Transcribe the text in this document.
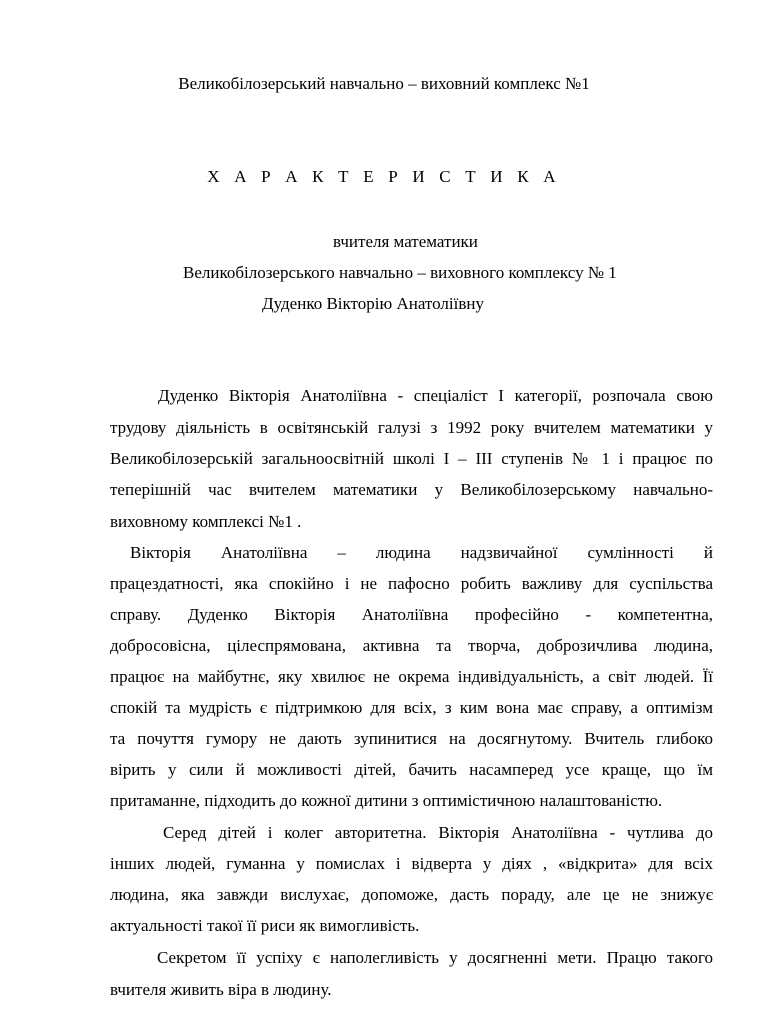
Великобілозерський навчально – виховний комплекс №1
Х А Р А К Т Е Р И С Т И К А
вчителя математики
Великобілозерського навчально – виховного комплексу № 1
Дуденко Вікторію Анатоліївну
Дуденко Вікторія Анатоліївна - спеціаліст І категорії, розпочала свою
трудову діяльність в освітянській галузі з 1992 року вчителем математики у
Великобілозерській загальноосвітній школі І – ІІІ ступенів № 1 і працює по
теперішній час вчителем математики у Великобілозерському навчально-
виховному комплексі №1 .
Вікторія Анатоліївна – людина надзвичайної сумлінності й
працездатності, яка спокійно і не пафосно робить важливу для суспільства
справу. Дуденко Вікторія Анатоліївна професійно - компетентна,
добросовісна, цілеспрямована, активна та творча, доброзичлива людина,
працює на майбутнє, яку хвилює не окрема індивідуальність, а світ людей. Її
спокій та мудрість є підтримкою для всіх, з ким вона має справу, а оптимізм
та почуття гумору не дають зупинитися на досягнутому. Вчитель глибоко
вірить у сили й можливості дітей, бачить насамперед усе краще, що їм
притаманне, підходить до кожної дитини з оптимістичною налаштованістю.
Серед дітей і колег авторитетна. Вікторія Анатоліївна - чутлива до
інших людей, гуманна у помислах і відверта у діях , «відкрита» для всіх
людина, яка завжди вислухає, допоможе, дасть пораду, але це не знижує
актуальності такої її риси як вимогливість.
Секретом її успіху є наполегливість у досягненні мети. Працю такого
вчителя живить віра в людину.
